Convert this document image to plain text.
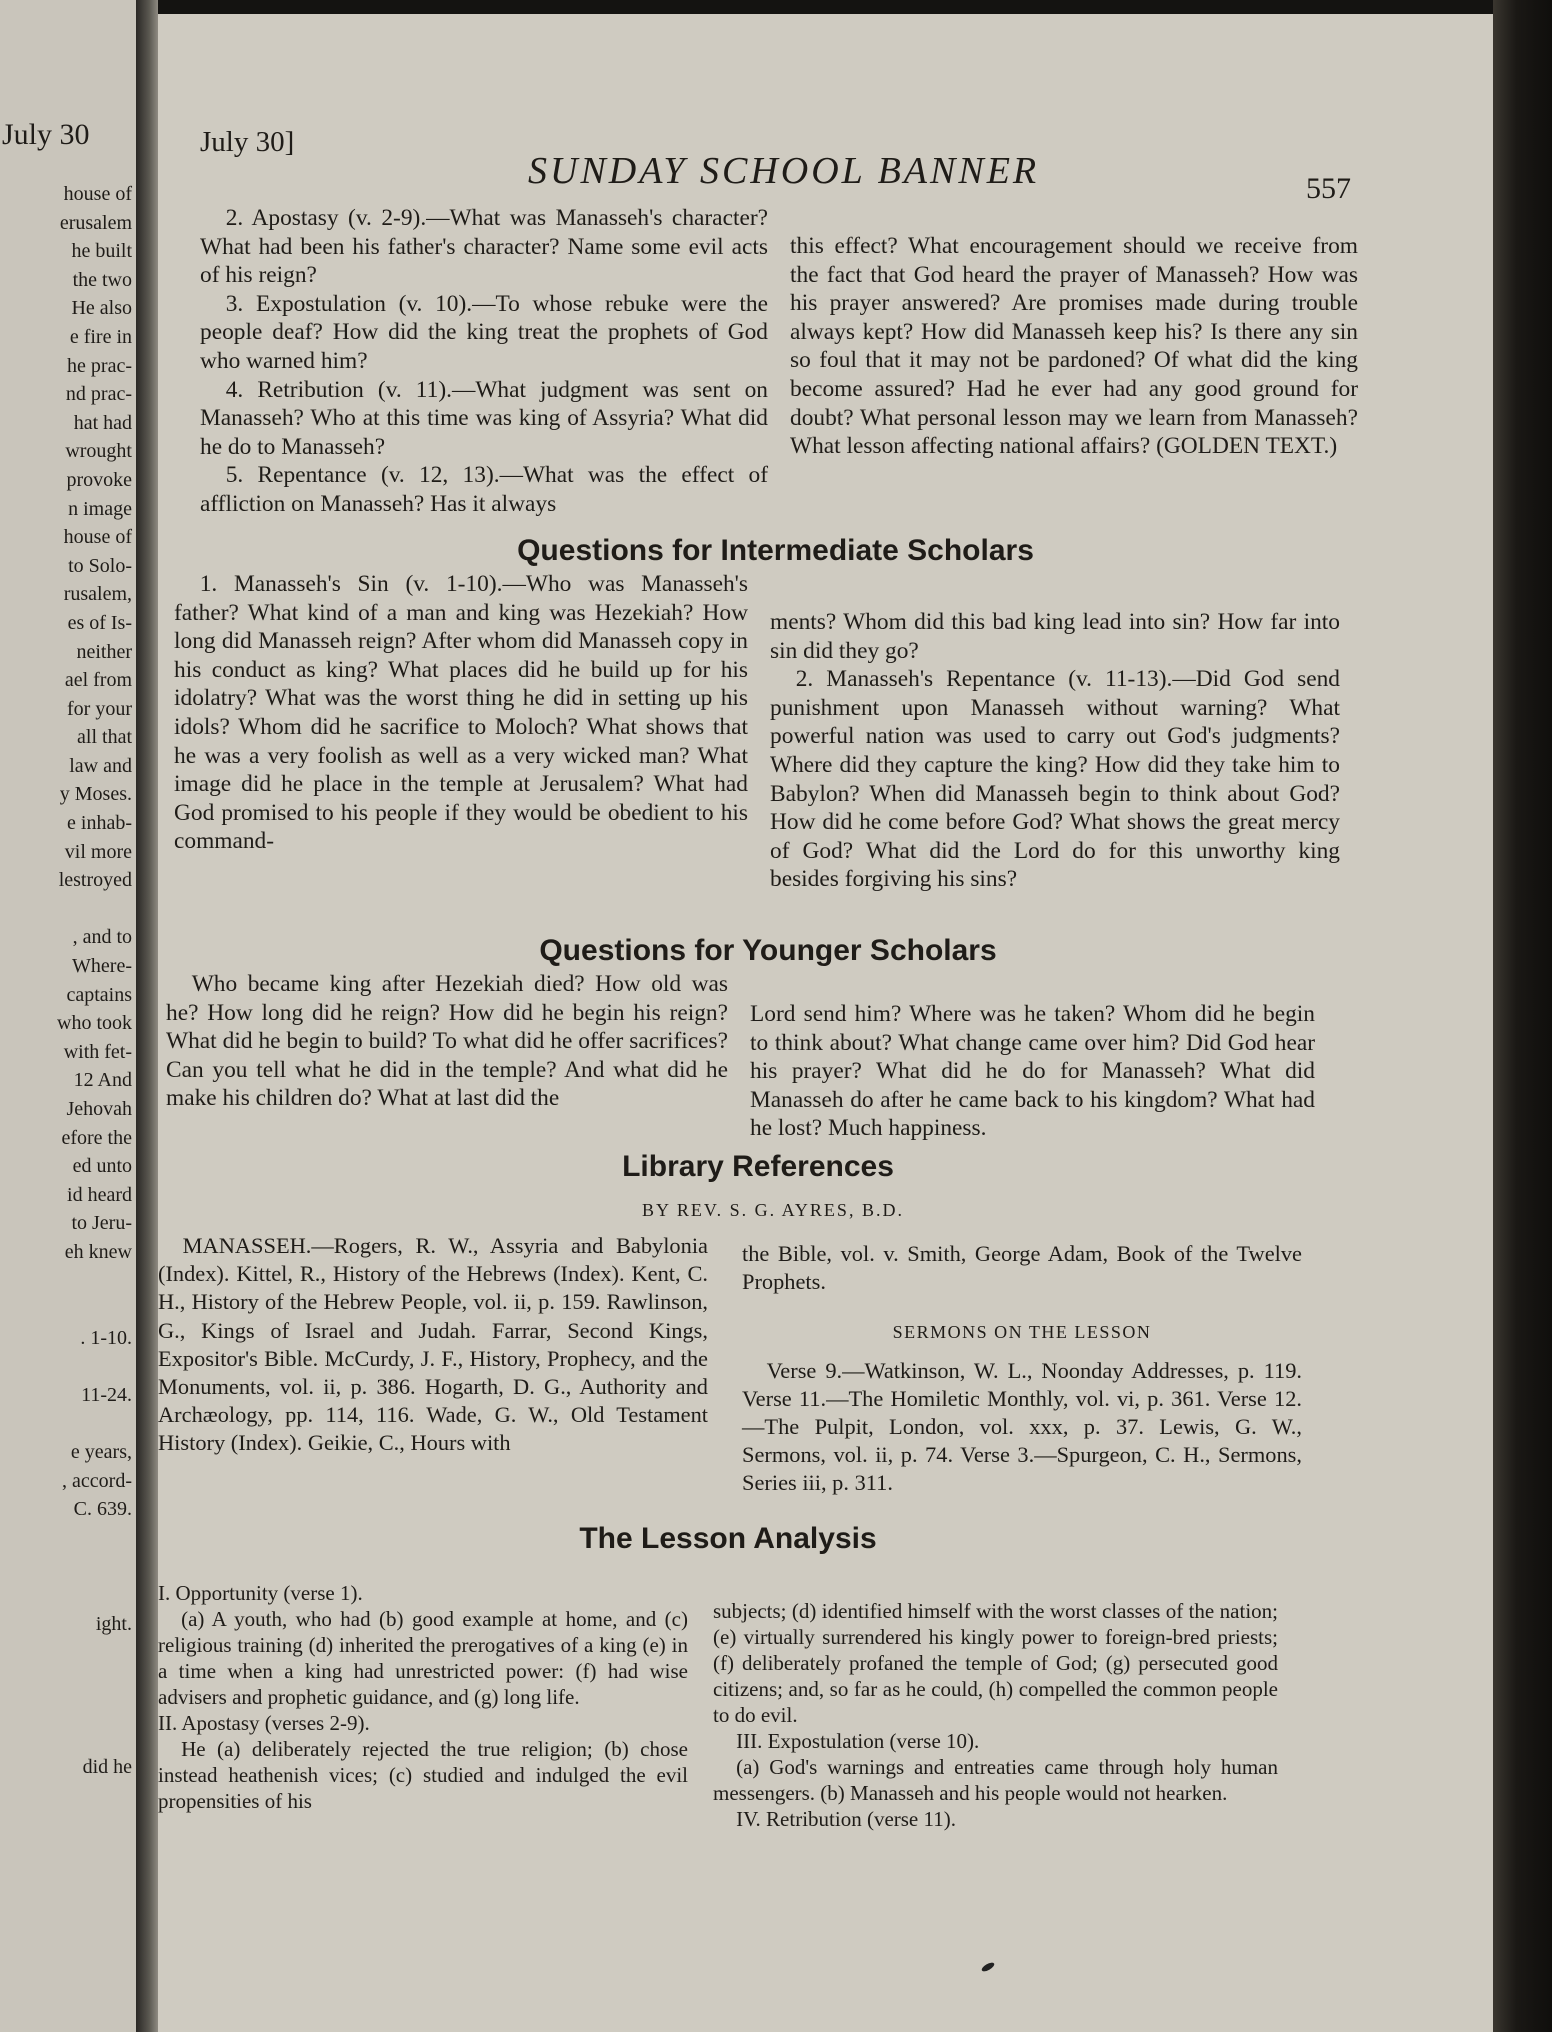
July 30
house of
erusalem
he built
the two
He also
e fire in
he prac-
nd prac-
hat had
wrought
provoke
n image
house of
to Solo-
rusalem,
es of Is-
neither
ael from
for your
all that
law and
y Moses.
e inhab-
vil more
lestroyed
, and to
Where-
captains
who took
with fet-
12 And
Jehovah
efore the
ed unto
id heard
to Jeru-
eh knew
. 1-10.
11-24.
e years,
, accord-
C. 639.
ight.
did he
July 30]
SUNDAY SCHOOL BANNER	557

2. Apostasy (v. 2-9).—What was Manasseh's character? What had been his father's character? Name some evil acts of his reign?

3. Expostulation (v. 10).—To whose rebuke were the people deaf? How did the king treat the prophets of God who warned him?

4. Retribution (v. 11).—What judgment was sent on Manasseh? Who at this time was king of Assyria? What did he do to Manasseh?

5. Repentance (v. 12, 13).—What was the effect of affliction on Manasseh? Has it always

this effect? What encouragement should we receive from the fact that God heard the prayer of Manasseh? How was his prayer answered? Are promises made during trouble always kept? How did Manasseh keep his? Is there any sin so foul that it may not be pardoned? Of what did the king become assured? Had he ever had any good ground for doubt? What personal lesson may we learn from Manasseh? What lesson affecting national affairs? (GOLDEN TEXT.)

Questions for Intermediate Scholars

1. Manasseh's Sin (v. 1-10).—Who was Manasseh's father? What kind of a man and king was Hezekiah? How long did Manasseh reign? After whom did Manasseh copy in his conduct as king? What places did he build up for his idolatry? What was the worst thing he did in setting up his idols? Whom did he sacrifice to Moloch? What shows that he was a very foolish as well as a very wicked man? What image did he place in the temple at Jerusalem? What had God promised to his people if they would be obedient to his command-

ments? Whom did this bad king lead into sin? How far into sin did they go?

2. Manasseh's Repentance (v. 11-13).—Did God send punishment upon Manasseh without warning? What powerful nation was used to carry out God's judgments? Where did they capture the king? How did they take him to Babylon? When did Manasseh begin to think about God? How did he come before God? What shows the great mercy of God? What did the Lord do for this unworthy king besides forgiving his sins?

Questions for Younger Scholars

Who became king after Hezekiah died? How old was he? How long did he reign? How did he begin his reign? What did he begin to build? To what did he offer sacrifices? Can you tell what he did in the temple? And what did he make his children do? What at last did the

Lord send him? Where was he taken? Whom did he begin to think about? What change came over him? Did God hear his prayer? What did he do for Manasseh? What did Manasseh do after he came back to his kingdom? What had he lost? Much happiness.

Library References
BY REV. S. G. AYRES, B.D.

MANASSEH.—Rogers, R. W., Assyria and Babylonia (Index). Kittel, R., History of the Hebrews (Index). Kent, C. H., History of the Hebrew People, vol. ii, p. 159. Rawlinson, G., Kings of Israel and Judah. Farrar, Second Kings, Expositor's Bible. McCurdy, J. F., History, Prophecy, and the Monuments, vol. ii, p. 386. Hogarth, D. G., Authority and Archæology, pp. 114, 116. Wade, G. W., Old Testament History (Index). Geikie, C., Hours with

the Bible, vol. v. Smith, George Adam, Book of the Twelve Prophets.

SERMONS ON THE LESSON

Verse 9.—Watkinson, W. L., Noonday Addresses, p. 119. Verse 11.—The Homiletic Monthly, vol. vi, p. 361. Verse 12.—The Pulpit, London, vol. xxx, p. 37. Lewis, G. W., Sermons, vol. ii, p. 74. Verse 3.—Spurgeon, C. H., Sermons, Series iii, p. 311.

The Lesson Analysis

I. Opportunity (verse 1).

(a) A youth, who had (b) good example at home, and (c) religious training (d) inherited the prerogatives of a king (e) in a time when a king had unrestricted power: (f) had wise advisers and prophetic guidance, and (g) long life.

II. Apostasy (verses 2-9).

He (a) deliberately rejected the true religion; (b) chose instead heathenish vices; (c) studied and indulged the evil propensities of his

subjects; (d) identified himself with the worst classes of the nation; (e) virtually surrendered his kingly power to foreign-bred priests; (f) deliberately profaned the temple of God; (g) persecuted good citizens; and, so far as he could, (h) compelled the common people to do evil.

III. Expostulation (verse 10).

(a) God's warnings and entreaties came through holy human messengers. (b) Manasseh and his people would not hearken.

IV. Retribution (verse 11).
